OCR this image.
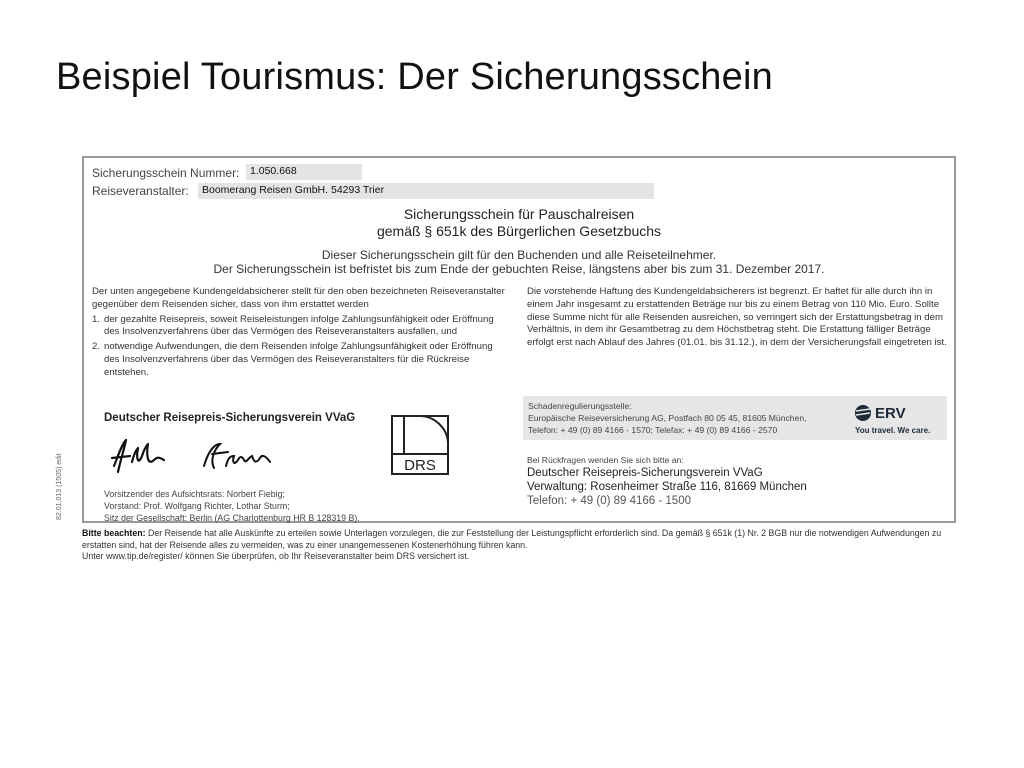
Beispiel Tourismus: Der Sicherungsschein
82.01.013 (1505) edit
Sicherungsschein Nummer:	1.050.668
Reiseveranstalter:	Boomerang Reisen GmbH. 54293 Trier
Sicherungsschein für Pauschalreisen
gemäß § 651k des Bürgerlichen Gesetzbuchs
Dieser Sicherungsschein gilt für den Buchenden und alle Reiseteilnehmer.
Der Sicherungsschein ist befristet bis zum Ende der gebuchten Reise, längstens aber bis zum 31. Dezember 2017.
Der unten angegebene Kundengeldabsicherer stellt für den oben bezeichneten Reiseveranstalter gegenüber dem Reisenden sicher, dass von ihm erstattet werden
1. der gezahlte Reisepreis, soweit Reiseleistungen infolge Zahlungsunfähigkeit oder Eröffnung des Insolvenzverfahrens über das Vermögen des Reiseveranstalters ausfallen, und
2. notwendige Aufwendungen, die dem Reisenden infolge Zahlungsunfähigkeit oder Eröffnung des Insolvenzverfahrens über das Vermögen des Reiseveranstalters für die Rückreise entstehen.
Die vorstehende Haftung des Kundengeldabsicherers ist begrenzt. Er haftet für alle durch ihn in einem Jahr insgesamt zu erstattenden Beträge nur bis zu einem Betrag von 110 Mio. Euro. Sollte diese Summe nicht für alle Reisenden ausreichen, so verringert sich der Erstattungsbetrag in dem Verhältnis, in dem ihr Gesamtbetrag zu dem Höchstbetrag steht. Die Erstattung fälliger Beträge erfolgt erst nach Ablauf des Jahres (01.01. bis 31.12.), in dem der Versicherungsfall eingetreten ist.
Deutscher Reisepreis-Sicherungsverein VVaG
Vorsitzender des Aufsichtsrats: Norbert Fiebig;
Vorstand: Prof. Wolfgang Richter, Lothar Sturm;
Sitz der Gesellschaft: Berlin (AG Charlottenburg HR B 128319 B).
DRS
Schadenregulierungsstelle:
Europäische Reiseversicherung AG, Postfach 80 05 45, 81605 München,
Telefon: + 49 (0) 89 4166 - 1570; Telefax: + 49 (0) 89 4166 - 2570
ERV
You travel. We care.
Bei Rückfragen wenden Sie sich bitte an:
Deutscher Reisepreis-Sicherungsverein VVaG
Verwaltung: Rosenheimer Straße 116, 81669 München
Telefon: + 49 (0) 89 4166 - 1500
Bitte beachten: Der Reisende hat alle Auskünfte zu erteilen sowie Unterlagen vorzulegen, die zur Feststellung der Leistungspflicht erforderlich sind. Da gemäß § 651k (1) Nr. 2 BGB nur die notwendigen Aufwendungen zu erstatten sind, hat der Reisende alles zu vermeiden, was zu einer unangemessenen Kostenerhöhung führen kann.
Unter www.tip.de/register/ können Sie überprüfen, ob Ihr Reiseveranstalter beim DRS versichert ist.
